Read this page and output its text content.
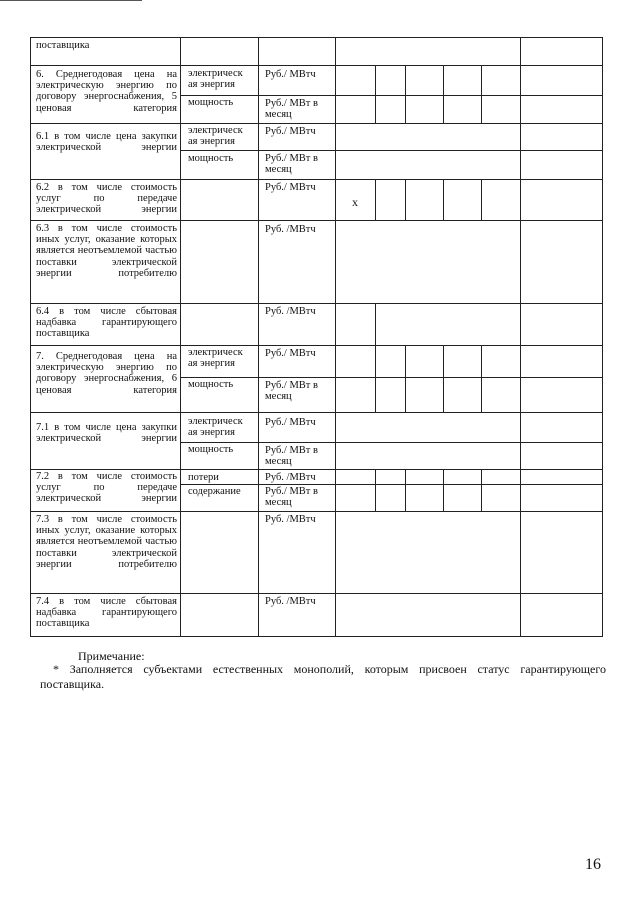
поставщика
6. Среднегодовая цена на электрическую энергию по договору энергоснабжения, 5 ценовая категория
6.1 в том числе цена закупки электрической энергии
6.2 в том числе стоимость услуг по передаче электрической энергии
6.3 в том числе стоимость иных услуг, оказание которых является неотъемлемой частью поставки электрической энергии потребителю
6.4 в том числе сбытовая надбавка гарантирующего поставщика
7. Среднегодовая цена на электрическую энергию по договору энергоснабжения, 6 ценовая категория
7.1 в том числе цена закупки электрической энергии
7.2 в том числе стоимость услуг по передаче электрической энергии
7.3 в том числе стоимость иных услуг, оказание которых является неотъемлемой частью поставки электрической энергии потребителю
7.4 в том числе сбытовая надбавка гарантирующего поставщика
электрическ ая энергия
мощность
электрическ ая энергия
мощность
электрическ ая энергия
мощность
электрическ ая энергия
мощность
потери
содержание
Руб./ МВтч
Руб./ МВт в месяц
Руб./ МВтч
Руб./ МВт в месяц
Руб./ МВтч
Руб. /МВтч
Руб. /МВтч
Руб./ МВтч
Руб./ МВт в месяц
Руб./ МВтч
Руб./ МВт в месяц
Руб. /МВтч
Руб./ МВт в месяц
Руб. /МВтч
Руб. /МВтч
х
Примечание:
* Заполняется субъектами естественных монополий, которым присвоен статус гарантирующего поставщика.
16
